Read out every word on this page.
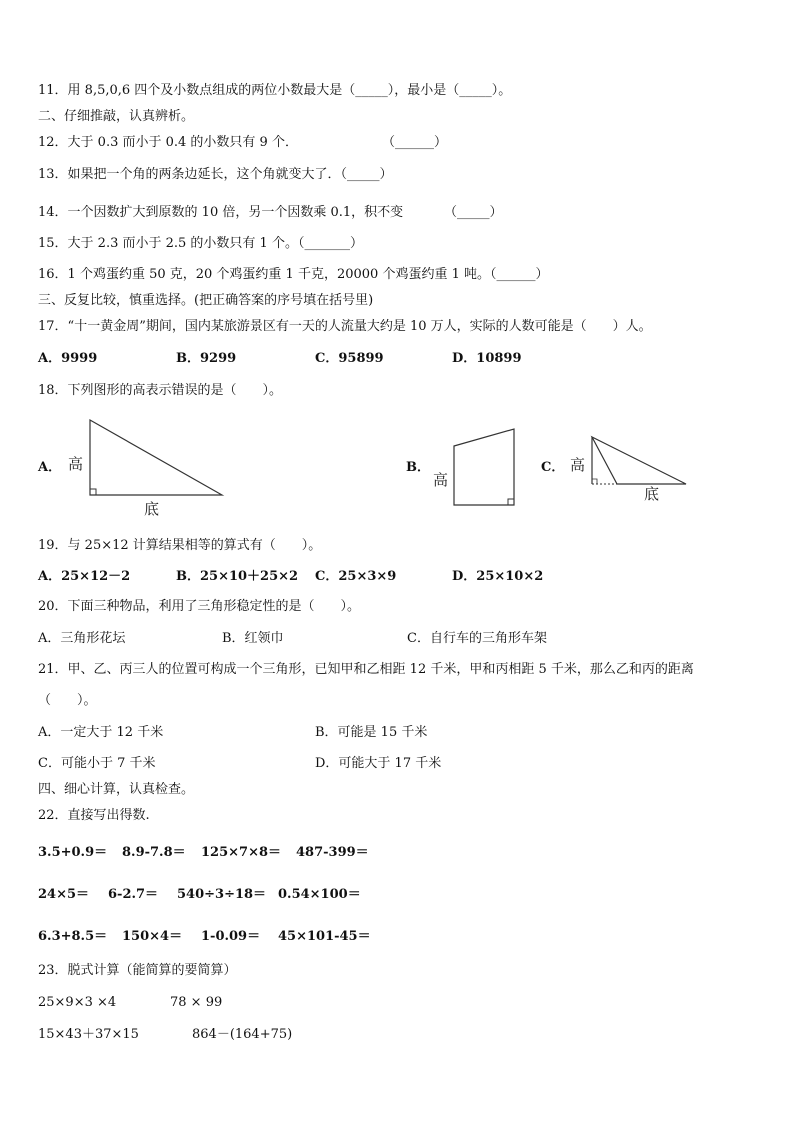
11．用 8,5,0,6 四个及小数点组成的两位小数最大是（_____），最小是（_____）。
二、仔细推敲，认真辨析。
12．大于 0.3 而小于 0.4 的小数只有 9 个．	（______）
13．如果把一个角的两条边延长，这个角就变大了．（_____）
14．一个因数扩大到原数的 10 倍，另一个因数乘 0.1，积不变	（_____）
15．大于 2.3 而小于 2.5 的小数只有 1 个。（_______）
16．1 个鸡蛋约重 50 克，20 个鸡蛋约重 1 千克，20000 个鸡蛋约重 1 吨。（______）
三、反复比较，慎重选择。(把正确答案的序号填在括号里)
17．“十一黄金周”期间，国内某旅游景区有一天的人流量大约是 10 万人，实际的人数可能是（　　）人。
A．9999	B．9299	C．95899	D．10899
18．下列图形的高表示错误的是（　　）。
A．	B．	C．
高
底
高
高
底
19．与 25×12 计算结果相等的算式有（　　）。
A．25×12－2	B．25×10＋25×2 C．25×3×9	D．25×10×2
20．下面三种物品，利用了三角形稳定性的是（　　）。
A．三角形花坛	B．红领巾	C．自行车的三角形车架
21．甲、乙、丙三人的位置可构成一个三角形，已知甲和乙相距 12 千米，甲和丙相距 5 千米，那么乙和丙的距离
（　　）。
A．一定大于 12 千米	B．可能是 15 千米
C．可能小于 7 千米	D．可能大于 17 千米
四、细心计算，认真检查。
22．直接写出得数.
3.5+0.9＝ 8.9-7.8＝ 125×7×8＝ 487-399＝
24×5＝ 6-2.7＝ 540÷3÷18＝ 0.54×100＝
6.3+8.5＝ 150×4＝ 1-0.09＝ 45×101-45＝
23．脱式计算（能简算的要简算）
25×9×3 ×4	78 × 99
15×43＋37×15	864－(164+75)
